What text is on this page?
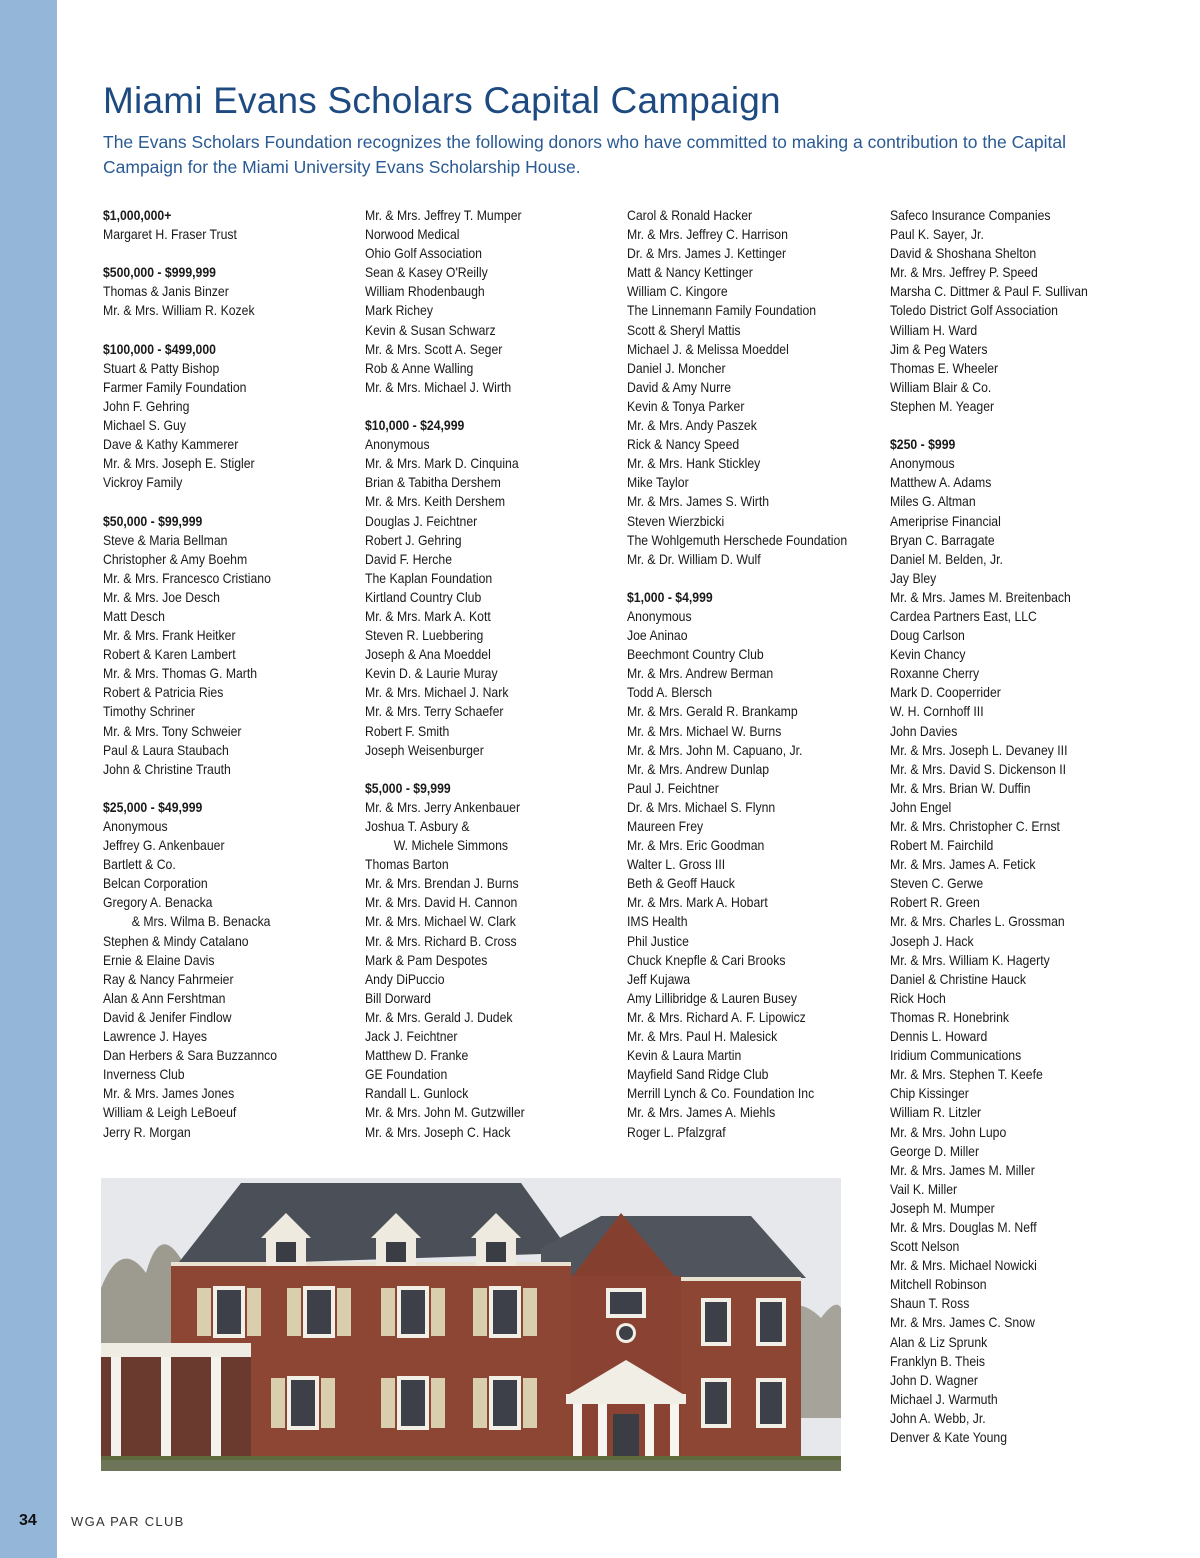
Miami Evans Scholars Capital Campaign

The Evans Scholars Foundation recognizes the following donors who have committed to making a contribution to the Capital Campaign for the Miami University Evans Scholarship House.

$1,000,000+
Margaret H. Fraser Trust
$500,000 - $999,999
Thomas & Janis Binzer
Mr. & Mrs. William R. Kozek
$100,000 - $499,000
Stuart & Patty Bishop
Farmer Family Foundation
John F. Gehring
Michael S. Guy
Dave & Kathy Kammerer
Mr. & Mrs. Joseph E. Stigler
Vickroy Family
$50,000 - $99,999
Steve & Maria Bellman
Christopher & Amy Boehm
Mr. & Mrs. Francesco Cristiano
Mr. & Mrs. Joe Desch
Matt Desch
Mr. & Mrs. Frank Heitker
Robert & Karen Lambert
Mr. & Mrs. Thomas G. Marth
Robert & Patricia Ries
Timothy Schriner
Mr. & Mrs. Tony Schweier
Paul & Laura Staubach
John & Christine Trauth
$25,000 - $49,999
Anonymous
Jeffrey G. Ankenbauer
Bartlett & Co.
Belcan Corporation
Gregory A. Benacka
& Mrs. Wilma B. Benacka
Stephen & Mindy Catalano
Ernie & Elaine Davis
Ray & Nancy Fahrmeier
Alan & Ann Fershtman
David & Jenifer Findlow
Lawrence J. Hayes
Dan Herbers & Sara Buzzannco
Inverness Club
Mr. & Mrs. James Jones
William & Leigh LeBoeuf
Jerry R. Morgan
Mr. & Mrs. Jeffrey T. Mumper
Norwood Medical
Ohio Golf Association
Sean & Kasey O'Reilly
William Rhodenbaugh
Mark Richey
Kevin & Susan Schwarz
Mr. & Mrs. Scott A. Seger
Rob & Anne Walling
Mr. & Mrs. Michael J. Wirth
$10,000 - $24,999
Anonymous
Mr. & Mrs. Mark D. Cinquina
Brian & Tabitha Dershem
Mr. & Mrs. Keith Dershem
Douglas J. Feichtner
Robert J. Gehring
David F. Herche
The Kaplan Foundation
Kirtland Country Club
Mr. & Mrs. Mark A. Kott
Steven R. Luebbering
Joseph & Ana Moeddel
Kevin D. & Laurie Muray
Mr. & Mrs. Michael J. Nark
Mr. & Mrs. Terry Schaefer
Robert F. Smith
Joseph Weisenburger
$5,000 - $9,999
Mr. & Mrs. Jerry Ankenbauer
Joshua T. Asbury &
W. Michele Simmons
Thomas Barton
Mr. & Mrs. Brendan J. Burns
Mr. & Mrs. David H. Cannon
Mr. & Mrs. Michael W. Clark
Mr. & Mrs. Richard B. Cross
Mark & Pam Despotes
Andy DiPuccio
Bill Dorward
Mr. & Mrs. Gerald J. Dudek
Jack J. Feichtner
Matthew D. Franke
GE Foundation
Randall L. Gunlock
Mr. & Mrs. John M. Gutzwiller
Mr. & Mrs. Joseph C. Hack
Carol & Ronald Hacker
Mr. & Mrs. Jeffrey C. Harrison
Dr. & Mrs. James J. Kettinger
Matt & Nancy Kettinger
William C. Kingore
The Linnemann Family Foundation
Scott & Sheryl Mattis
Michael J. & Melissa Moeddel
Daniel J. Moncher
David & Amy Nurre
Kevin & Tonya Parker
Mr. & Mrs. Andy Paszek
Rick & Nancy Speed
Mr. & Mrs. Hank Stickley
Mike Taylor
Mr. & Mrs. James S. Wirth
Steven Wierzbicki
The Wohlgemuth Herschede Foundation
Mr. & Dr. William D. Wulf
$1,000 - $4,999
Anonymous
Joe Aninao
Beechmont Country Club
Mr. & Mrs. Andrew Berman
Todd A. Blersch
Mr. & Mrs. Gerald R. Brankamp
Mr. & Mrs. Michael W. Burns
Mr. & Mrs. John M. Capuano, Jr.
Mr. & Mrs. Andrew Dunlap
Paul J. Feichtner
Dr. & Mrs. Michael S. Flynn
Maureen Frey
Mr. & Mrs. Eric Goodman
Walter L. Gross III
Beth & Geoff Hauck
Mr. & Mrs. Mark A. Hobart
IMS Health
Phil Justice
Chuck Knepfle & Cari Brooks
Jeff Kujawa
Amy Lillibridge & Lauren Busey
Mr. & Mrs. Richard A. F. Lipowicz
Mr. & Mrs. Paul H. Malesick
Kevin & Laura Martin
Mayfield Sand Ridge Club
Merrill Lynch & Co. Foundation Inc
Mr. & Mrs. James A. Miehls
Roger L. Pfalzgraf
Safeco Insurance Companies
Paul K. Sayer, Jr.
David & Shoshana Shelton
Mr. & Mrs. Jeffrey P. Speed
Marsha C. Dittmer & Paul F. Sullivan
Toledo District Golf Association
William H. Ward
Jim & Peg Waters
Thomas E. Wheeler
William Blair & Co.
Stephen M. Yeager
$250 - $999
Anonymous
Matthew A. Adams
Miles G. Altman
Ameriprise Financial
Bryan C. Barragate
Daniel M. Belden, Jr.
Jay Bley
Mr. & Mrs. James M. Breitenbach
Cardea Partners East, LLC
Doug Carlson
Kevin Chancy
Roxanne Cherry
Mark D. Cooperrider
W. H. Cornhoff III
John Davies
Mr. & Mrs. Joseph L. Devaney III
Mr. & Mrs. David S. Dickenson II
Mr. & Mrs. Brian W. Duffin
John Engel
Mr. & Mrs. Christopher C. Ernst
Robert M. Fairchild
Mr. & Mrs. James A. Fetick
Steven C. Gerwe
Robert R. Green
Mr. & Mrs. Charles L. Grossman
Joseph J. Hack
Mr. & Mrs. William K. Hagerty
Daniel & Christine Hauck
Rick Hoch
Thomas R. Honebrink
Dennis L. Howard
Iridium Communications
Mr. & Mrs. Stephen T. Keefe
Chip Kissinger
William R. Litzler
Mr. & Mrs. John Lupo
George D. Miller
Mr. & Mrs. James M. Miller
Vail K. Miller
Joseph M. Mumper
Mr. & Mrs. Douglas M. Neff
Scott Nelson
Mr. & Mrs. Michael Nowicki
Mitchell Robinson
Shaun T. Ross
Mr. & Mrs. James C. Snow
Alan & Liz Sprunk
Franklyn B. Theis
John D. Wagner
Michael J. Warmuth
John A. Webb, Jr.
Denver & Kate Young
34	WGA PAR CLUB
